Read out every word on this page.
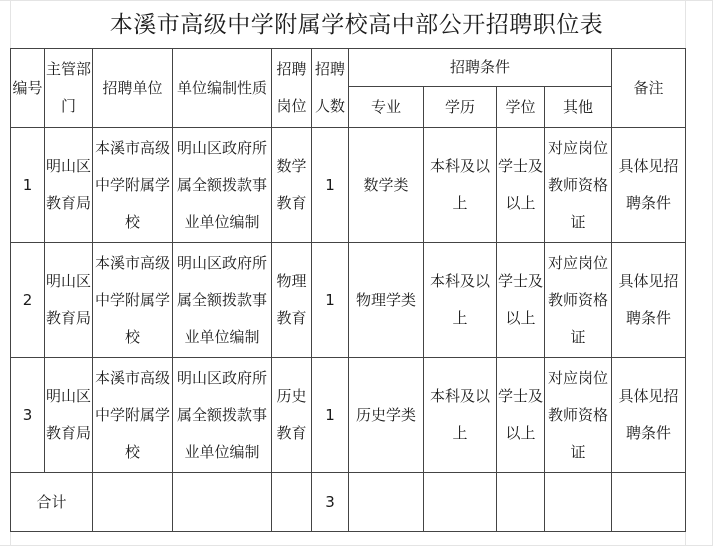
本溪市高级中学附属学校高中部公开招聘职位表
编号	主管部门	招聘单位	单位编制性质	招聘岗位	招聘人数	招聘条件				备注
						专业	学历	学位	其他	
1	明山区教育局	本溪市高级中学附属学校	明山区政府所属全额拨款事业单位编制	数学教育	1	数学类	本科及以上	学士及以上	对应岗位教师资格证	具体见招聘条件
2	明山区教育局	本溪市高级中学附属学校	明山区政府所属全额拨款事业单位编制	物理教育	1	物理学类	本科及以上	学士及以上	对应岗位教师资格证	具体见招聘条件
3	明山区教育局	本溪市高级中学附属学校	明山区政府所属全额拨款事业单位编制	历史教育	1	历史学类	本科及以上	学士及以上	对应岗位教师资格证	具体见招聘条件
合计					3					
